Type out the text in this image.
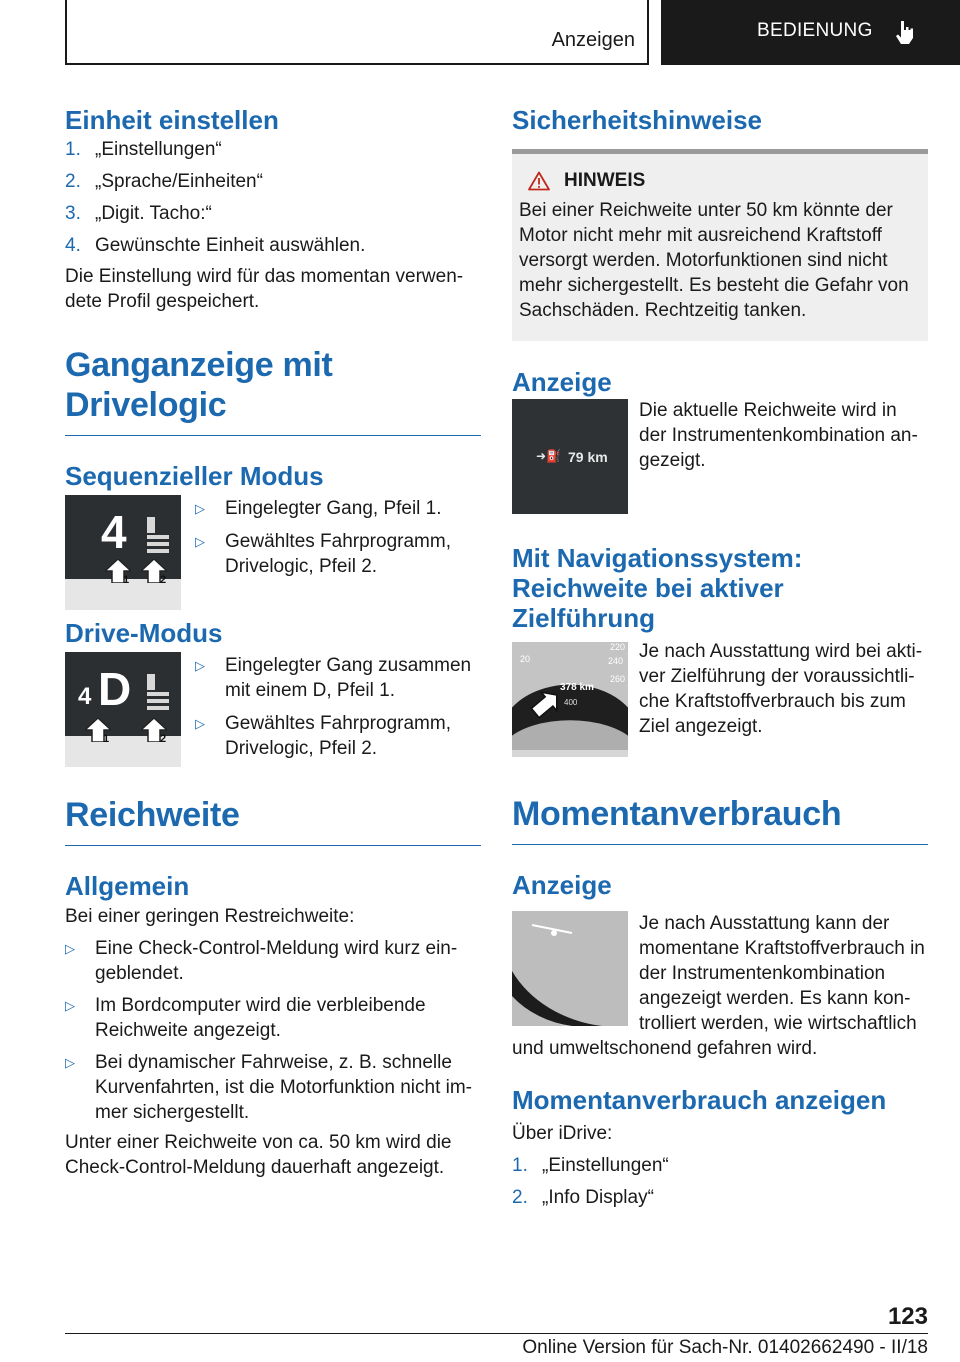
Anzeigen	BEDIENUNG
Einheit einstellen
1. „Einstellungen“
2. „Sprache/Einheiten“
3. „Digit. Tacho:“
4. Gewünschte Einheit auswählen.
Die Einstellung wird für das momentan verwen‑ dete Profil gespeichert.
Ganganzeige mit Drivelogic
Sequenzieller Modus
4
1	2
▷	Eingelegter Gang, Pfeil 1.
▷	Gewähltes Fahrprogramm, Drivelogic, Pfeil 2.
Drive-Modus
4 D
1	2
▷	Eingelegter Gang zusammen mit einem D, Pfeil 1.
▷	Gewähltes Fahrprogramm, Drivelogic, Pfeil 2.
Reichweite
Allgemein
Bei einer geringen Restreichweite:
▷	Eine Check-Control-Meldung wird kurz ein‑ geblendet.
▷	Im Bordcomputer wird die verbleibende Reichweite angezeigt.
▷	Bei dynamischer Fahrweise, z. B. schnelle Kurvenfahrten, ist die Motorfunktion nicht im‑ mer sichergestellt.
Unter einer Reichweite von ca. 50 km wird die Check-Control-Meldung dauerhaft angezeigt.
Sicherheitshinweise
HINWEIS
Bei einer Reichweite unter 50 km könnte der Motor nicht mehr mit ausreichend Kraftstoff versorgt werden. Motorfunktionen sind nicht mehr sichergestellt. Es besteht die Gefahr von Sachschäden. Rechtzeitig tanken.
Anzeige
➜⛽ 79 km
Die aktuelle Reichweite wird in der Instrumentenkombination an‑ gezeigt.
Mit Navigationssystem: Reichweite bei aktiver Zielführung
378 km
400
20
220
240
260
Je nach Ausstattung wird bei akti‑ ver Zielführung der voraussichtli‑ che Kraftstoffverbrauch bis zum Ziel angezeigt.
Momentanverbrauch
Anzeige
Je nach Ausstattung kann der momentane Kraftstoffverbrauch in der Instrumentenkombination angezeigt werden. Es kann kon‑ trolliert werden, wie wirtschaftlich und umweltschonend gefahren wird.
Momentanverbrauch anzeigen
Über iDrive:
1. „Einstellungen“
2. „Info Display“
123
Online Version für Sach-Nr. 01402662490 - II/18
